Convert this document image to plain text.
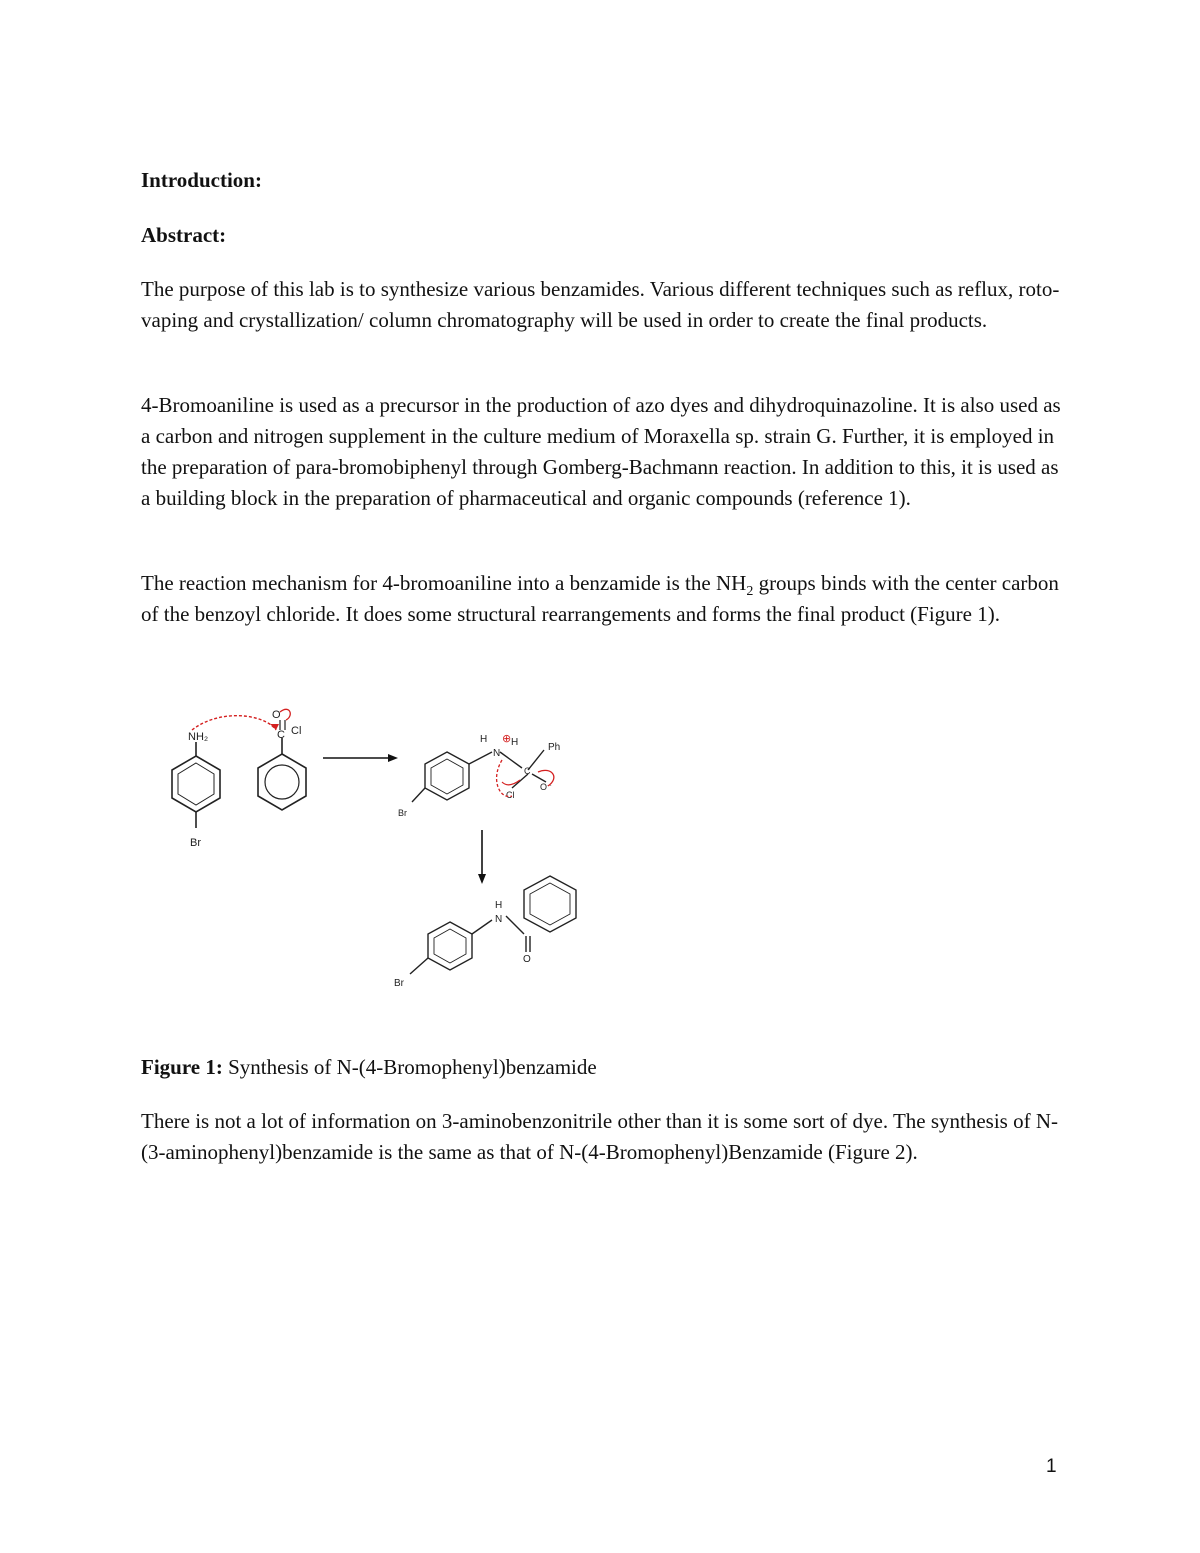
Introduction:

Abstract:

The purpose of this lab is to synthesize various benzamides. Various different techniques such as reflux, roto-vaping and crystallization/ column chromatography will be used in order to create the final products.

4-Bromoaniline is used as a precursor in the production of azo dyes and dihydroquinazoline. It is also used as a carbon and nitrogen supplement in the culture medium of Moraxella sp. strain G. Further, it is employed in the preparation of para-bromobiphenyl through Gomberg-Bachmann reaction. In addition to this, it is used as a building block in the preparation of pharmaceutical and organic compounds (reference 1).

The reaction mechanism for 4-bromoaniline into a benzamide is the $NH_2$ groups binds with the center carbon of the benzoyl chloride. It does some structural rearrangements and forms the final product (Figure 1).

NH₂
Br
O
C Cl
H
N
⊕ H	Ph
C
O⁻
Cl
Br
H
N
O
Br

Figure 1: Synthesis of N-(4-Bromophenyl)benzamide

There is not a lot of information on 3-aminobenzonitrile other than it is some sort of dye. The synthesis of N-(3-aminophenyl)benzamide is the same as that of N-(4-Bromophenyl)Benzamide (Figure 2).

1
